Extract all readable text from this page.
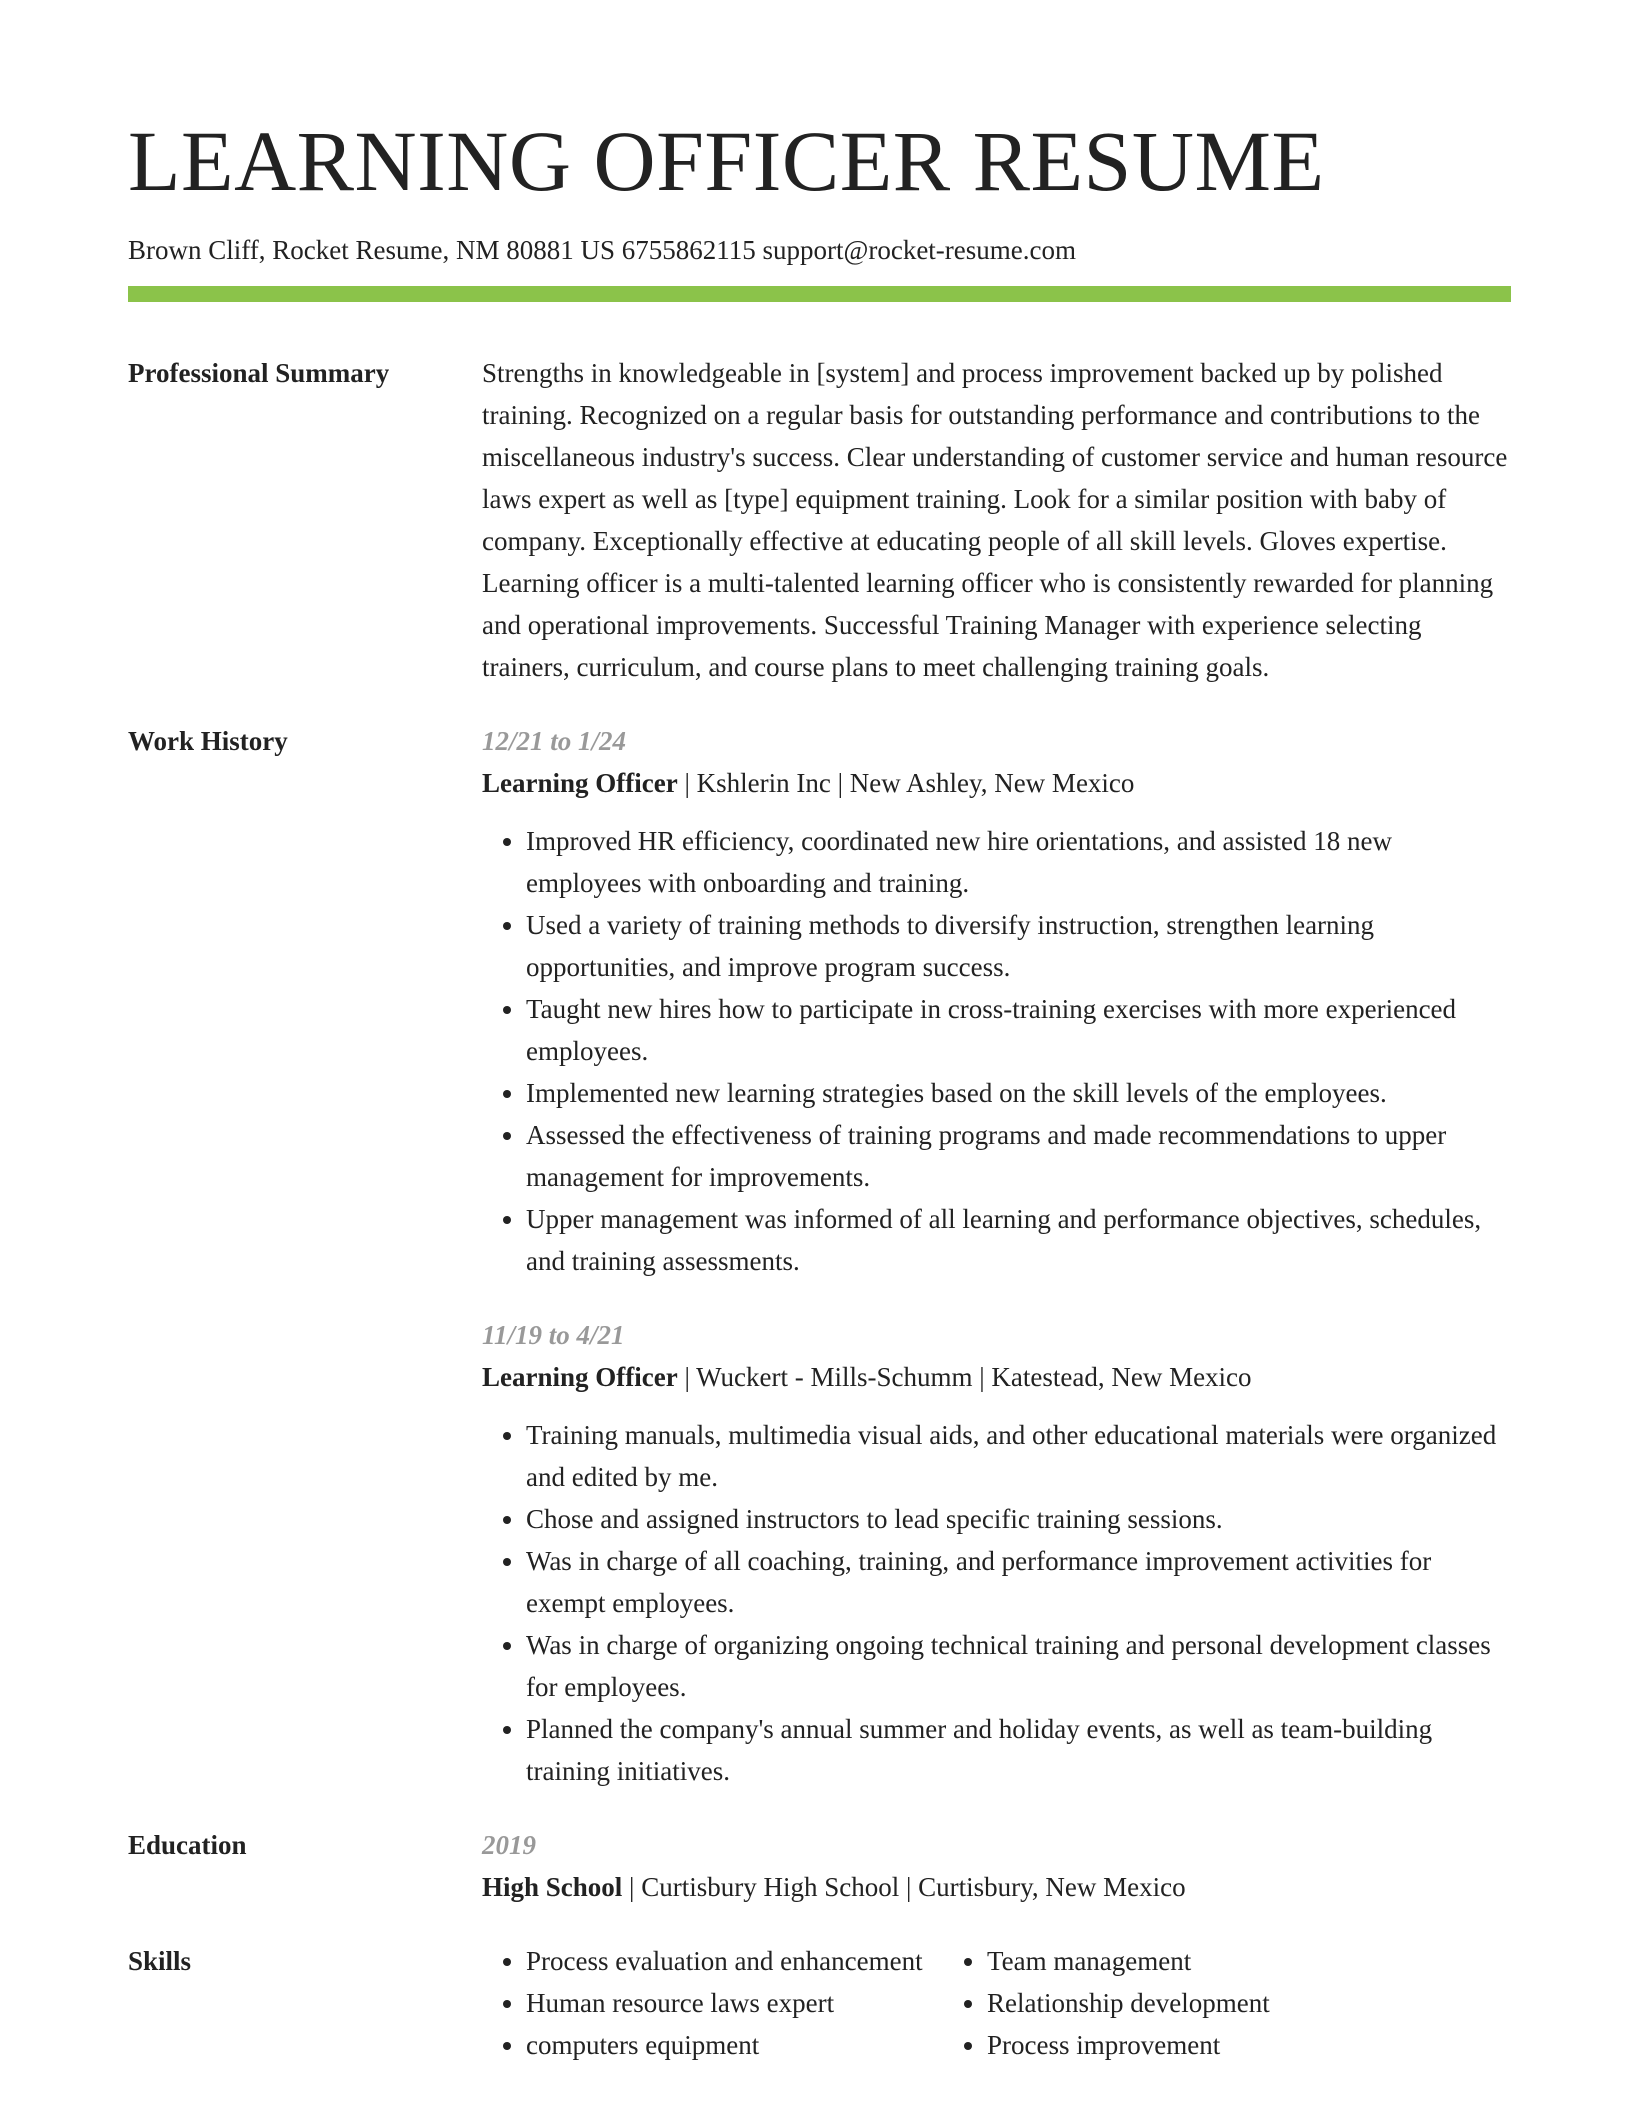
LEARNING OFFICER RESUME
Brown Cliff, Rocket Resume, NM 80881 US 6755862115 support@rocket-resume.com
Professional Summary	Strengths in knowledgeable in [system] and process improvement backed up by polished training. Recognized on a regular basis for outstanding performance and contributions to the miscellaneous industry's success. Clear understanding of customer service and human resource laws expert as well as [type] equipment training. Look for a similar position with baby of company. Exceptionally effective at educating people of all skill levels. Gloves expertise. Learning officer is a multi-talented learning officer who is consistently rewarded for planning and operational improvements. Successful Training Manager with experience selecting trainers, curriculum, and course plans to meet challenging training goals.

Work History	12/21 to 1/24
Learning Officer | Kshlerin Inc | New Ashley, New Mexico
• Improved HR efficiency, coordinated new hire orientations, and assisted 18 new employees with onboarding and training.
• Used a variety of training methods to diversify instruction, strengthen learning opportunities, and improve program success.
• Taught new hires how to participate in cross-training exercises with more experienced employees.
• Implemented new learning strategies based on the skill levels of the employees.
• Assessed the effectiveness of training programs and made recommendations to upper management for improvements.
• Upper management was informed of all learning and performance objectives, schedules, and training assessments.
11/19 to 4/21
Learning Officer | Wuckert - Mills-Schumm | Katestead, New Mexico
• Training manuals, multimedia visual aids, and other educational materials were organized and edited by me.
• Chose and assigned instructors to lead specific training sessions.
• Was in charge of all coaching, training, and performance improvement activities for exempt employees.
• Was in charge of organizing ongoing technical training and personal development classes for employees.
• Planned the company's annual summer and holiday events, as well as team-building training initiatives.
Education	2019
High School | Curtisbury High School | Curtisbury, New Mexico
Skills
•	Process evaluation and enhancement
• Human resource laws expert
• computers equipment
• Team management
• Relationship development
• Process improvement
